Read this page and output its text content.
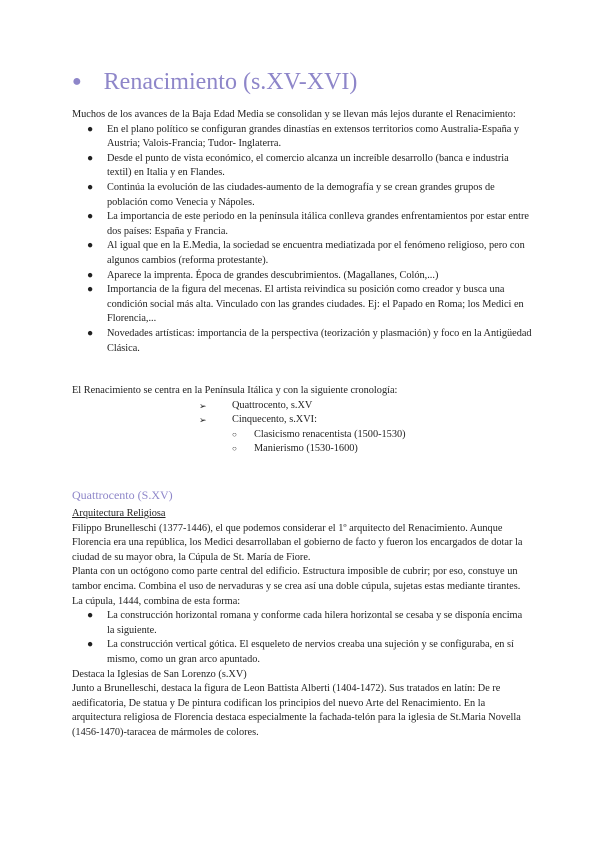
● Renacimiento (s.XV-XVI)

Muchos de los avances de la Baja Edad Media se consolidan y se llevan más lejos durante el Renacimiento:

● En el plano político se configuran grandes dinastías en extensos territorios como Australia-España y Austria; Valois-Francia; Tudor- Inglaterra.
● Desde el punto de vista económico, el comercio alcanza un increíble desarrollo (banca e industria textil) en Italia y en Flandes.
● Continúa la evolución de las ciudades-aumento de la demografía y se crean grandes grupos de población como Venecia y Nápoles.
● La importancia de este periodo en la península itálica conlleva grandes enfrentamientos por estar entre dos países: España y Francia.
● Al igual que en la E.Media, la sociedad se encuentra mediatizada por el fenómeno religioso, pero con algunos cambios (reforma protestante).
● Aparece la imprenta. Época de grandes descubrimientos. (Magallanes, Colón,...)
● Importancia de la figura del mecenas. El artista reivindica su posición como creador y busca una condición social más alta. Vinculado con las grandes ciudades. Ej: el Papado en Roma; los Medici en Florencia,...
● Novedades artísticas: importancia de la perspectiva (teorización y plasmación) y foco en la Antigüedad Clásica.

El Renacimiento se centra en la Península Itálica y con la siguiente cronología:

➢ Quattrocento, s.XV
➢ Cinquecento, s.XVI:
○ Clasicismo renacentista (1500-1530)
○ Manierismo (1530-1600)
Quattrocento (S.XV)

Arquitectura Religiosa

Filippo Brunelleschi (1377-1446), el que podemos considerar el 1º arquitecto del Renacimiento. Aunque Florencia era una república, los Medici desarrollaban el gobierno de facto y fueron los encargados de dotar la ciudad de su mayor obra, la Cúpula de St. María de Fiore.

Planta con un octógono como parte central del edificio. Estructura imposible de cubrir; por eso, constuye un tambor encima. Combina el uso de nervaduras y se crea así una doble cúpula, sujetas estas mediante tirantes.

La cúpula, 1444, combina de esta forma:

● La construcción horizontal romana y conforme cada hilera horizontal se cesaba y se disponía encima la siguiente.
● La construcción vertical gótica. El esqueleto de nervios creaba una sujeción y se configuraba, en sí mismo, como un gran arco apuntado.

Destaca la Iglesias de San Lorenzo (s.XV)

Junto a Brunelleschi, destaca la figura de Leon Battista Alberti (1404-1472). Sus tratados en latín: De re aedificatoria, De statua y De pintura codifican los principios del nuevo Arte del Renacimiento. En la arquitectura religiosa de Florencia destaca especialmente la fachada-telón para la iglesia de St.Maria Novella (1456-1470)-taracea de mármoles de colores.
